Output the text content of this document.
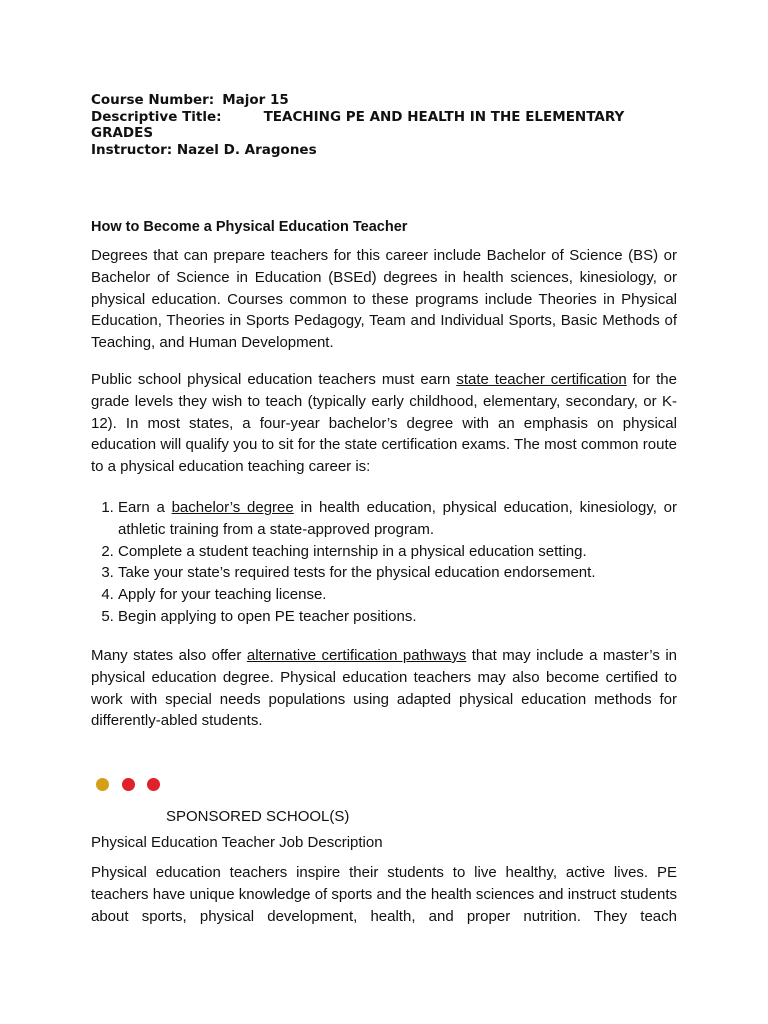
Course Number: Major 15
Descriptive Title:	TEACHING PE AND HEALTH IN THE ELEMENTARY
GRADES
Instructor: Nazel D. Aragones
How to Become a Physical Education Teacher

Degrees that can prepare teachers for this career include Bachelor of Science (BS) or Bachelor of Science in Education (BSEd) degrees in health sciences, kinesiology, or physical education. Courses common to these programs include Theories in Physical Education, Theories in Sports Pedagogy, Team and Individual Sports, Basic Methods of Teaching, and Human Development.

Public school physical education teachers must earn state teacher certification for the grade levels they wish to teach (typically early childhood, elementary, secondary, or K-12). In most states, a four-year bachelor’s degree with an emphasis on physical education will qualify you to sit for the state certification exams. The most common route to a physical education teaching career is:

1. Earn a bachelor’s degree in health education, physical education, kinesiology, or athletic training from a state-approved program.
2. Complete a student teaching internship in a physical education setting.
3. Take your state’s required tests for the physical education endorsement.
4. Apply for your teaching license.
5. Begin applying to open PE teacher positions.

Many states also offer alternative certification pathways that may include a master’s in physical education degree. Physical education teachers may also become certified to work with special needs populations using adapted physical education methods for differently-abled students.

SPONSORED SCHOOL(S)
Physical Education Teacher Job Description

Physical education teachers inspire their students to live healthy, active lives. PE teachers have unique knowledge of sports and the health sciences and instruct students about sports, physical development, health, and proper nutrition. They teach
